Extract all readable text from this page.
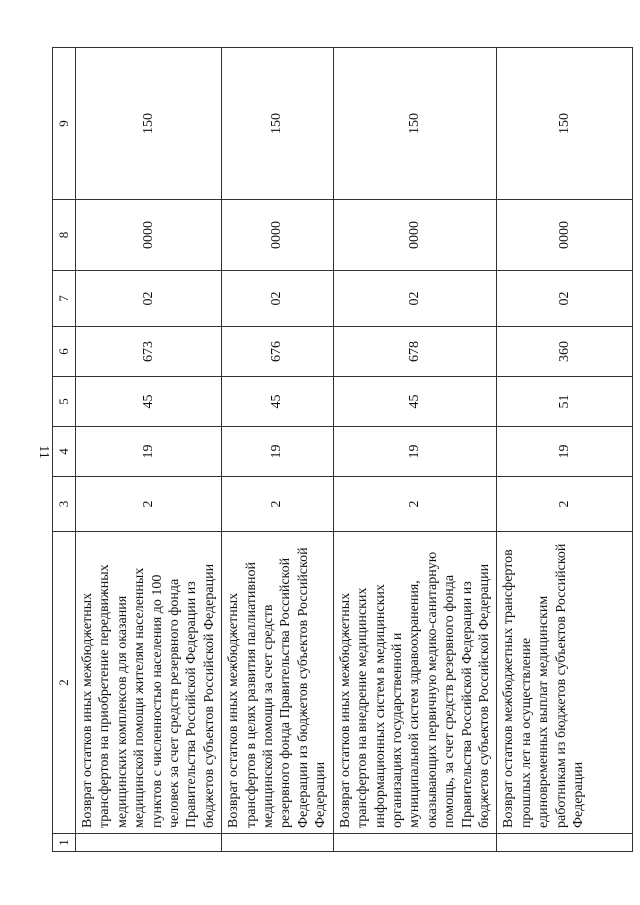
11
1	2	3	4	5	6	7	8	9
	Возврат остатков иных межбюджетных трансфертов на приобретение передвижных медицинских комплексов для оказания медицинской помощи жителям населенных пунктов с численностью населения до 100 человек за счет средств резервного фонда Правительства Российской Федерации из бюджетов субъектов Российской Федерации	2	19	45	673	02	0000	150
	Возврат остатков иных межбюджетных трансфертов в целях развития паллиативной медицинской помощи за счет средств резервного фонда Правительства Российской Федерации из бюджетов субъектов Российской Федерации	2	19	45	676	02	0000	150
	Возврат остатков иных межбюджетных трансфертов на внедрение медицинских информационных систем в медицинских организациях государственной и муниципальной систем здравоохранения, оказывающих первичную медико-санитарную помощь, за счет средств резервного фонда Правительства Российской Федерации из бюджетов субъектов Российской Федерации	2	19	45	678	02	0000	150
	Возврат остатков межбюджетных трансфертов прошлых лет на осуществление единовременных выплат медицинским работникам из бюджетов субъектов Российской Федерации	2	19	51	360	02	0000	150
